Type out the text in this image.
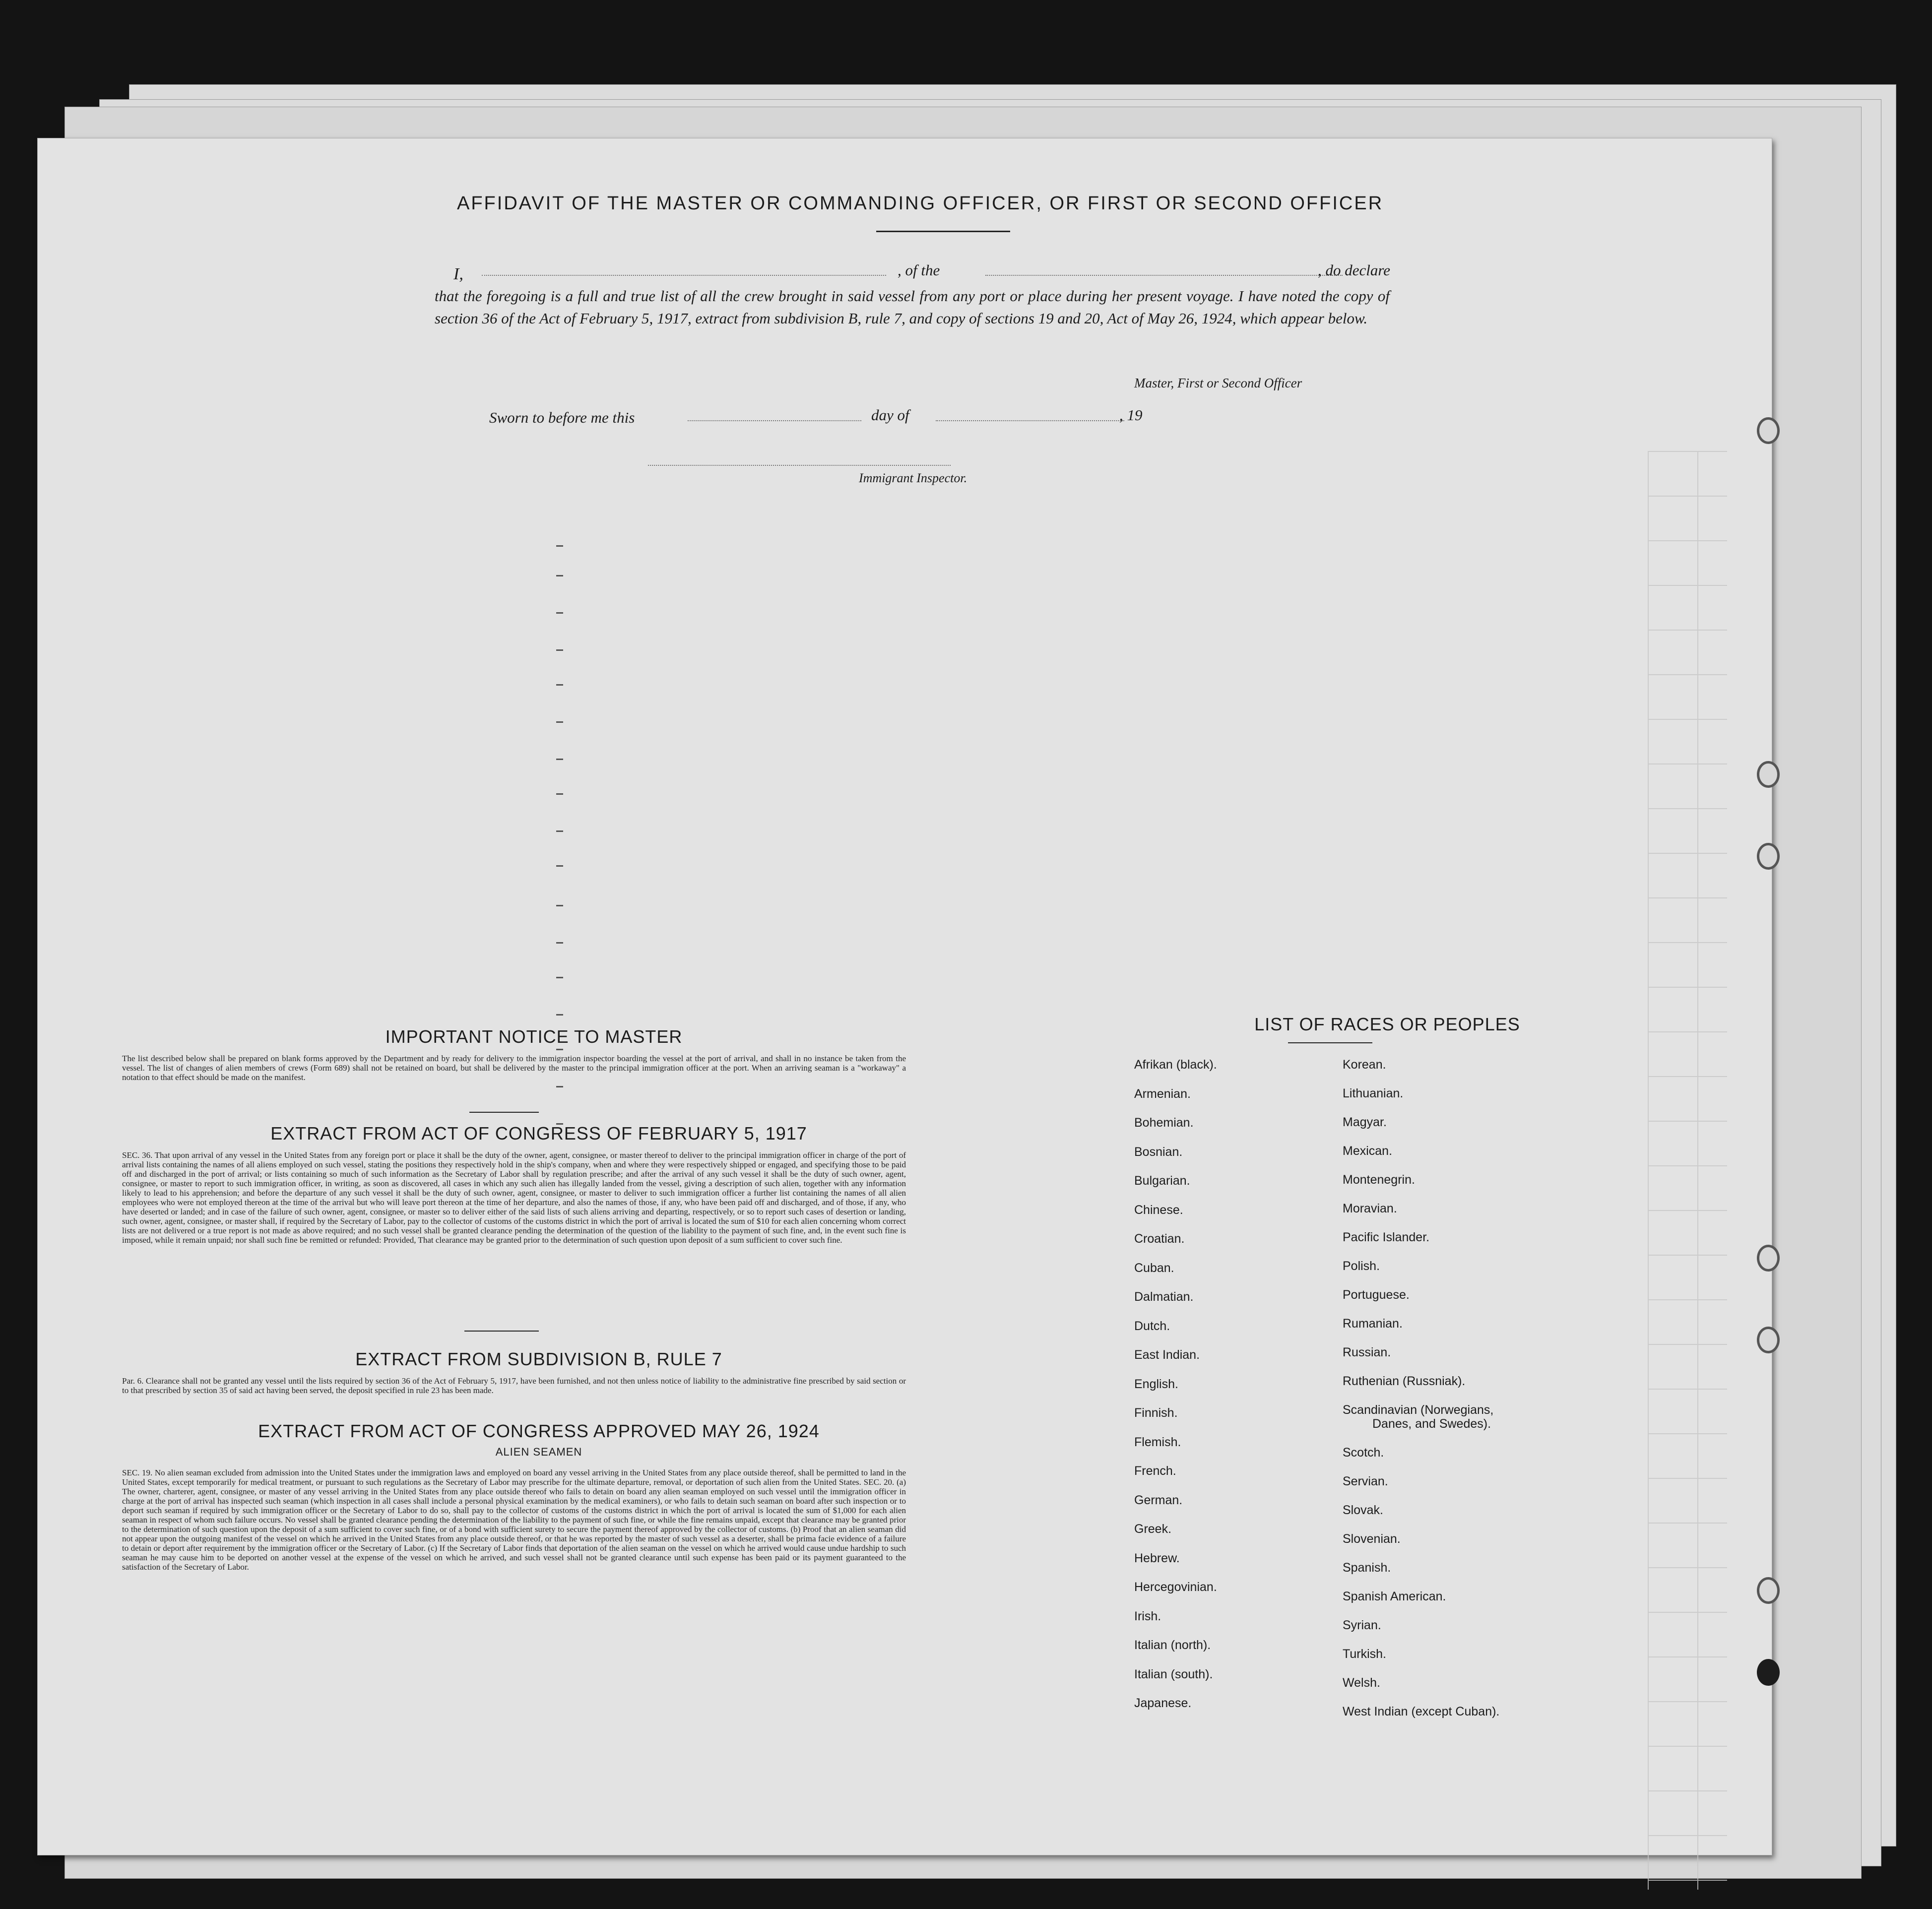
AFFIDAVIT OF THE MASTER OR COMMANDING OFFICER, OR FIRST OR SECOND OFFICER
I,	, of the	, do declare
that the foregoing is a full and true list of all the crew brought in said vessel from any port or place during her present voyage. I have noted the copy of section 36 of the Act of February 5, 1917, extract from subdivision B, rule 7, and copy of sections 19 and 20, Act of May 26, 1924, which appear below.
Master, First or Second Officer
Sworn to before me this	day of	, 19
Immigrant Inspector.
IMPORTANT NOTICE TO MASTER
The list described below shall be prepared on blank forms approved by the Department and by ready for delivery to the immigration inspector boarding the vessel at the port of arrival, and shall in no instance be taken from the vessel. The list of changes of alien members of crews (Form 689) shall not be retained on board, but shall be delivered by the master to the principal immigration officer at the port. When an arriving seaman is a "workaway" a notation to that effect should be made on the manifest.
EXTRACT FROM ACT OF CONGRESS OF FEBRUARY 5, 1917
SEC. 36. That upon arrival of any vessel in the United States from any foreign port or place it shall be the duty of the owner, agent, consignee, or master thereof to deliver to the principal immigration officer in charge of the port of arrival lists containing the names of all aliens employed on such vessel, stating the positions they respectively hold in the ship's company, when and where they were respectively shipped or engaged, and specifying those to be paid off and discharged in the port of arrival; or lists containing so much of such information as the Secretary of Labor shall by regulation prescribe; and after the arrival of any such vessel it shall be the duty of such owner, agent, consignee, or master to report to such immigration officer, in writing, as soon as discovered, all cases in which any such alien has illegally landed from the vessel, giving a description of such alien, together with any information likely to lead to his apprehension; and before the departure of any such vessel it shall be the duty of such owner, agent, consignee, or master to deliver to such immigration officer a further list containing the names of all alien employees who were not employed thereon at the time of the arrival but who will leave port thereon at the time of her departure, and also the names of those, if any, who have been paid off and discharged, and of those, if any, who have deserted or landed; and in case of the failure of such owner, agent, consignee, or master so to deliver either of the said lists of such aliens arriving and departing, respectively, or so to report such cases of desertion or landing, such owner, agent, consignee, or master shall, if required by the Secretary of Labor, pay to the collector of customs of the customs district in which the port of arrival is located the sum of $10 for each alien concerning whom correct lists are not delivered or a true report is not made as above required; and no such vessel shall be granted clearance pending the determination of the question of the liability to the payment of such fine, and, in the event such fine is imposed, while it remain unpaid; nor shall such fine be remitted or refunded: Provided, That clearance may be granted prior to the determination of such question upon deposit of a sum sufficient to cover such fine.
EXTRACT FROM SUBDIVISION B, RULE 7
Par. 6. Clearance shall not be granted any vessel until the lists required by section 36 of the Act of February 5, 1917, have been furnished, and not then unless notice of liability to the administrative fine prescribed by said section or to that prescribed by section 35 of said act having been served, the deposit specified in rule 23 has been made.
EXTRACT FROM ACT OF CONGRESS APPROVED MAY 26, 1924
ALIEN SEAMEN
SEC. 19. No alien seaman excluded from admission into the United States under the immigration laws and employed on board any vessel arriving in the United States from any place outside thereof, shall be permitted to land in the United States, except temporarily for medical treatment, or pursuant to such regulations as the Secretary of Labor may prescribe for the ultimate departure, removal, or deportation of such alien from the United States. SEC. 20. (a) The owner, charterer, agent, consignee, or master of any vessel arriving in the United States from any place outside thereof who fails to detain on board any alien seaman employed on such vessel until the immigration officer in charge at the port of arrival has inspected such seaman (which inspection in all cases shall include a personal physical examination by the medical examiners), or who fails to detain such seaman on board after such inspection or to deport such seaman if required by such immigration officer or the Secretary of Labor to do so, shall pay to the collector of customs of the customs district in which the port of arrival is located the sum of $1,000 for each alien seaman in respect of whom such failure occurs. No vessel shall be granted clearance pending the determination of the liability to the payment of such fine, or while the fine remains unpaid, except that clearance may be granted prior to the determination of such question upon the deposit of a sum sufficient to cover such fine, or of a bond with sufficient surety to secure the payment thereof approved by the collector of customs. (b) Proof that an alien seaman did not appear upon the outgoing manifest of the vessel on which he arrived in the United States from any place outside thereof, or that he was reported by the master of such vessel as a deserter, shall be prima facie evidence of a failure to detain or deport after requirement by the immigration officer or the Secretary of Labor. (c) If the Secretary of Labor finds that deportation of the alien seaman on the vessel on which he arrived would cause undue hardship to such seaman he may cause him to be deported on another vessel at the expense of the vessel on which he arrived, and such vessel shall not be granted clearance until such expense has been paid or its payment guaranteed to the satisfaction of the Secretary of Labor.
LIST OF RACES OR PEOPLES
Afrikan (black).
Armenian.
Bohemian.
Bosnian.
Bulgarian.
Chinese.
Croatian.
Cuban.
Dalmatian.
Dutch.
East Indian.
English.
Finnish.
Flemish.
French.
German.
Greek.
Hebrew.
Hercegovinian.
Irish.
Italian (north).
Italian (south).
Japanese.
Korean.
Lithuanian.
Magyar.
Mexican.
Montenegrin.
Moravian.
Pacific Islander.
Polish.
Portuguese.
Rumanian.
Russian.
Ruthenian (Russniak).
Scandinavian (Norwegians,
Danes, and Swedes).
Scotch.
Servian.
Slovak.
Slovenian.
Spanish.
Spanish American.
Syrian.
Turkish.
Welsh.
West Indian (except Cuban).
